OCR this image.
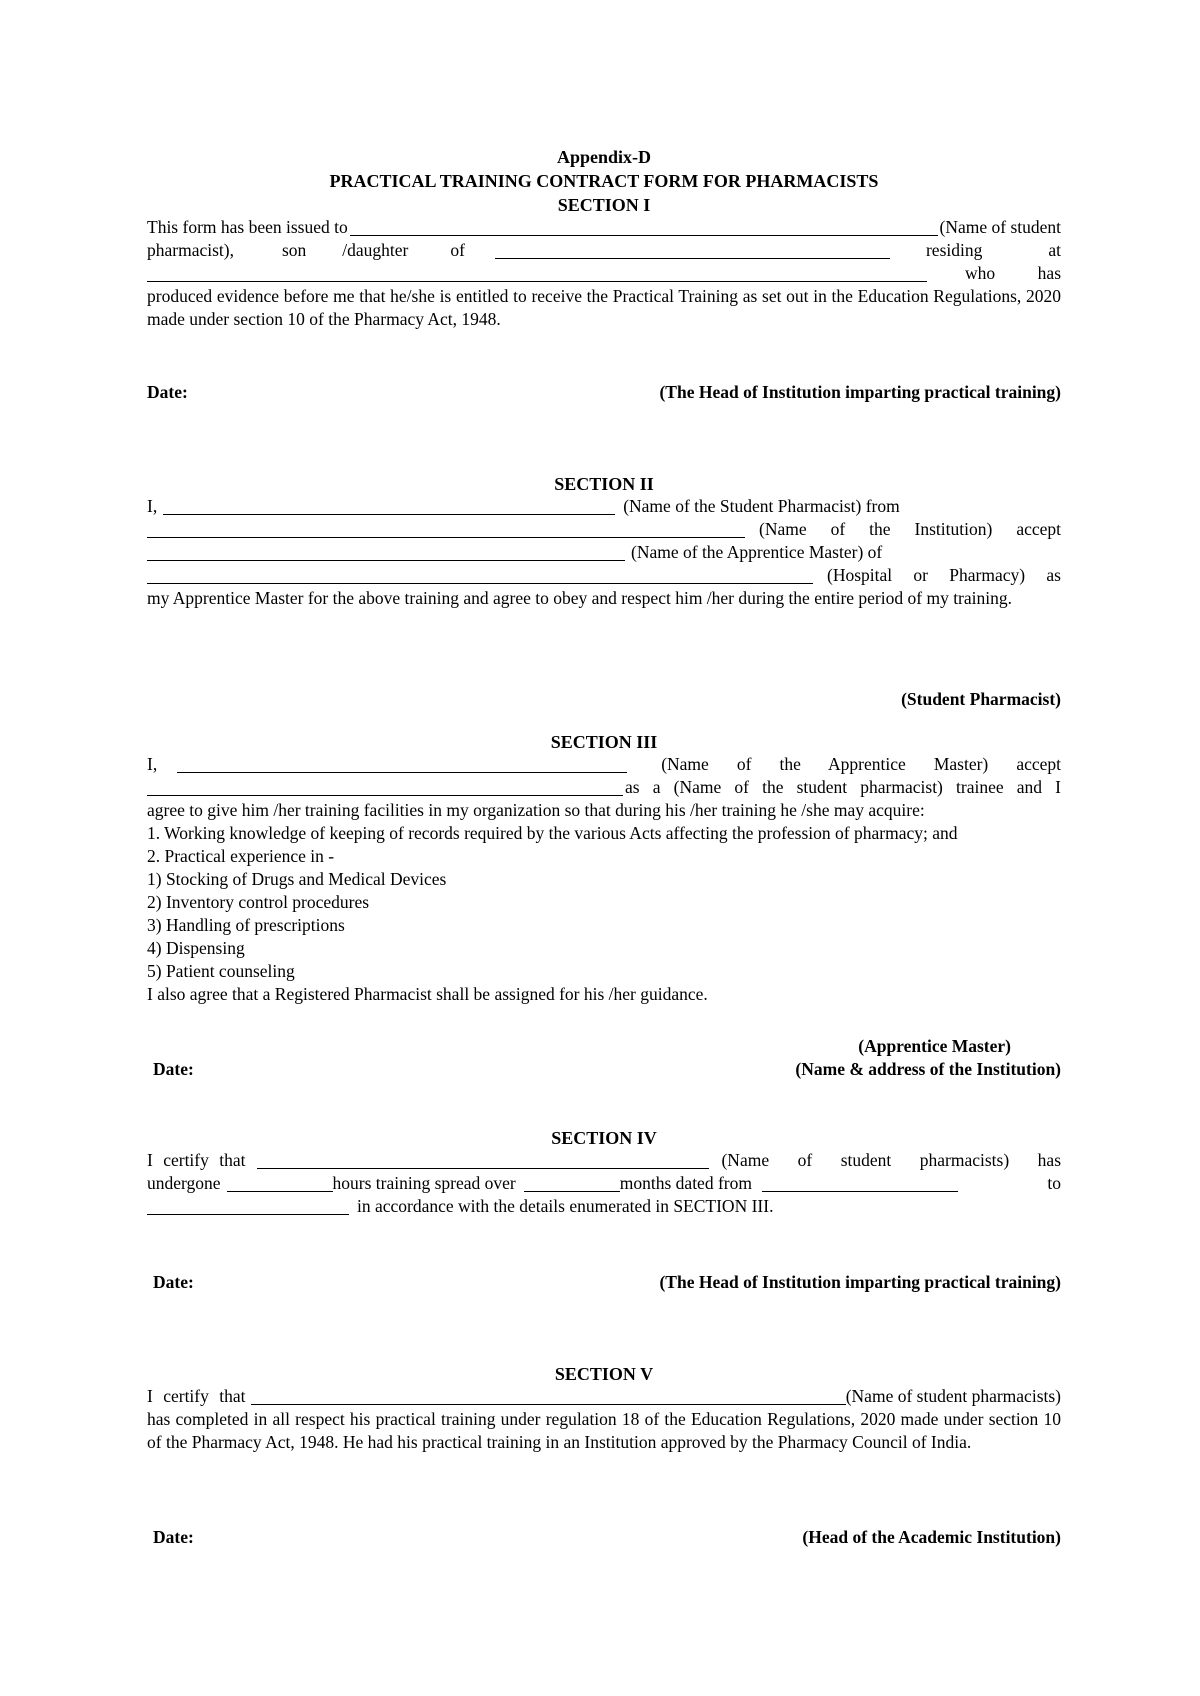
Appendix-D
PRACTICAL TRAINING CONTRACT FORM FOR PHARMACISTS
SECTION I
This form has been issued to	(Name of student
pharmacist),	son /daughter of	residing	at
who has
produced evidence before me that he/she is entitled to receive the Practical Training as set out in the Education Regulations, 2020 made under section 10 of the Pharmacy Act, 1948.
Date:	(The Head of Institution imparting practical training)
SECTION II
I,	(Name of the Student Pharmacist) from
(Name of the Institution) accept
(Name of the Apprentice Master) of
(Hospital or Pharmacy) as
my Apprentice Master for the above training and agree to obey and respect him /her during the entire period of my training.
(Student Pharmacist)
SECTION III
I,	(Name of the Apprentice Master) accept
as a (Name of the student pharmacist) trainee and I
agree to give him /her training facilities in my organization so that during his /her training he /she may acquire:
1. Working knowledge of keeping of records required by the various Acts affecting the profession of pharmacy; and
2. Practical experience in -
1) Stocking of Drugs and Medical Devices
2) Inventory control procedures
3) Handling of prescriptions
4) Dispensing
5) Patient counseling
I also agree that a Registered Pharmacist shall be assigned for his /her guidance.
(Apprentice Master)
Date:	(Name & address of the Institution)
SECTION IV
I certify that	(Name of student pharmacists) has
undergone	hours training spread over	months dated from	to
in accordance with the details enumerated in SECTION III.
Date:	(The Head of Institution imparting practical training)
SECTION V
I certify that	(Name of student pharmacists)
has completed in all respect his practical training under regulation 18 of the Education Regulations, 2020 made under section 10 of the Pharmacy Act, 1948. He had his practical training in an Institution approved by the Pharmacy Council of India.
Date:	(Head of the Academic Institution)
